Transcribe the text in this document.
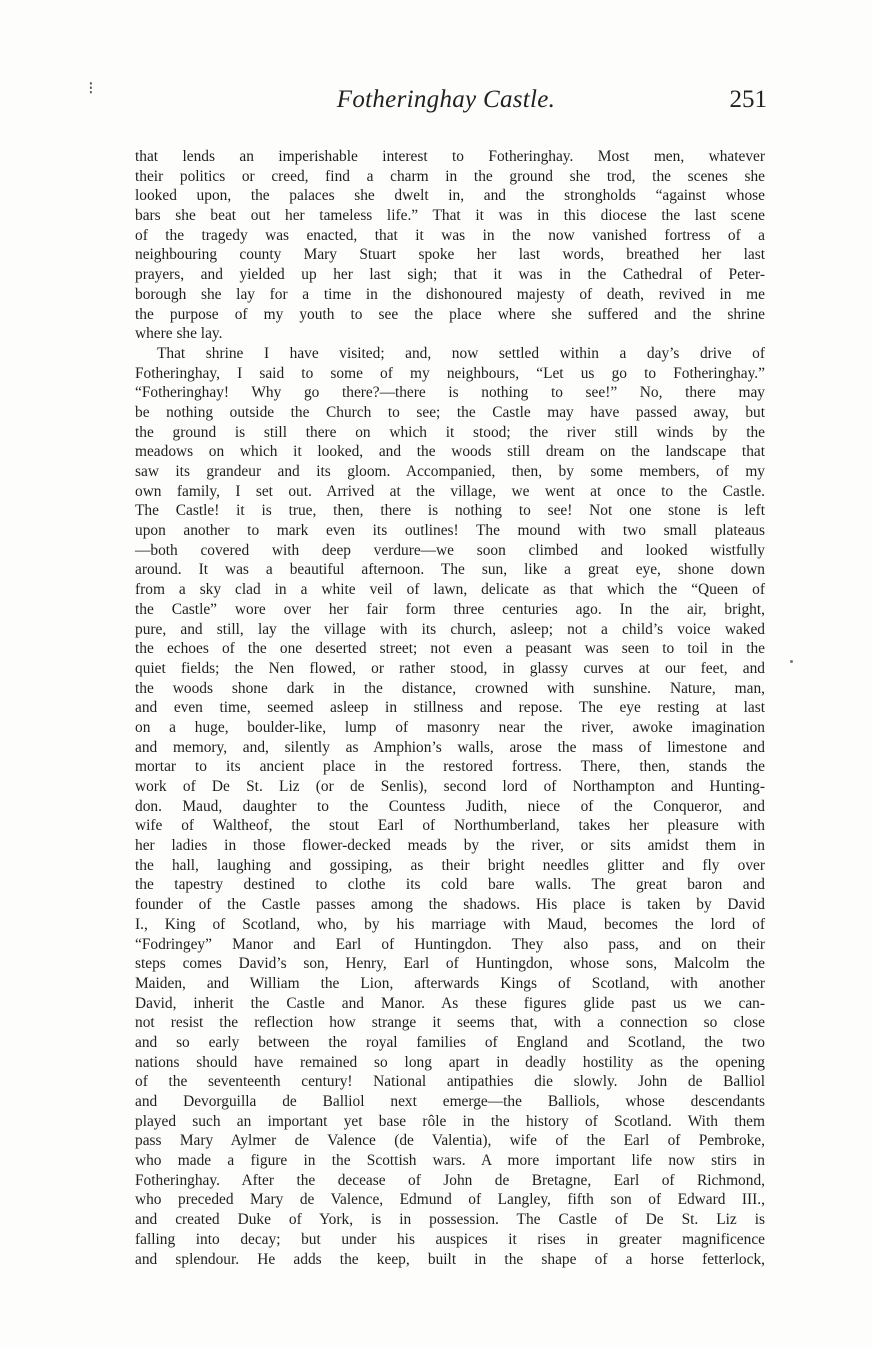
⁝	Fotheringhay Castle.	251
that lends an imperishable interest to Fotheringhay. Most men, whatever
their politics or creed, find a charm in the ground she trod, the scenes she
looked upon, the palaces she dwelt in, and the strongholds “against whose
bars she beat out her tameless life.” That it was in this diocese the last scene
of the tragedy was enacted, that it was in the now vanished fortress of a
neighbouring county Mary Stuart spoke her last words, breathed her last
prayers, and yielded up her last sigh; that it was in the Cathedral of Peter-
borough she lay for a time in the dishonoured majesty of death, revived in me
the purpose of my youth to see the place where she suffered and the shrine
where she lay.
That shrine I have visited; and, now settled within a day’s drive of
Fotheringhay, I said to some of my neighbours, “Let us go to Fotheringhay.”
“Fotheringhay! Why go there?—there is nothing to see!” No, there may
be nothing outside the Church to see; the Castle may have passed away, but
the ground is still there on which it stood; the river still winds by the
meadows on which it looked, and the woods still dream on the landscape that
saw its grandeur and its gloom. Accompanied, then, by some members, of my
own family, I set out. Arrived at the village, we went at once to the Castle.
The Castle! it is true, then, there is nothing to see! Not one stone is left
upon another to mark even its outlines! The mound with two small plateaus
—both covered with deep verdure—we soon climbed and looked wistfully
around. It was a beautiful afternoon. The sun, like a great eye, shone down
from a sky clad in a white veil of lawn, delicate as that which the “Queen of
the Castle” wore over her fair form three centuries ago. In the air, bright,
pure, and still, lay the village with its church, asleep; not a child’s voice waked
the echoes of the one deserted street; not even a peasant was seen to toil in the
quiet fields; the Nen flowed, or rather stood, in glassy curves at our feet, and
the woods shone dark in the distance, crowned with sunshine. Nature, man,
and even time, seemed asleep in stillness and repose. The eye resting at last
on a huge, boulder-like, lump of masonry near the river, awoke imagination
and memory, and, silently as Amphion’s walls, arose the mass of limestone and
mortar to its ancient place in the restored fortress. There, then, stands the
work of De St. Liz (or de Senlis), second lord of Northampton and Hunting-
don. Maud, daughter to the Countess Judith, niece of the Conqueror, and
wife of Waltheof, the stout Earl of Northumberland, takes her pleasure with
her ladies in those flower-decked meads by the river, or sits amidst them in
the hall, laughing and gossiping, as their bright needles glitter and fly over
the tapestry destined to clothe its cold bare walls. The great baron and
founder of the Castle passes among the shadows. His place is taken by David
I., King of Scotland, who, by his marriage with Maud, becomes the lord of
“Fodringey” Manor and Earl of Huntingdon. They also pass, and on their
steps comes David’s son, Henry, Earl of Huntingdon, whose sons, Malcolm the
Maiden, and William the Lion, afterwards Kings of Scotland, with another
David, inherit the Castle and Manor. As these figures glide past us we can-
not resist the reflection how strange it seems that, with a connection so close
and so early between the royal families of England and Scotland, the two
nations should have remained so long apart in deadly hostility as the opening
of the seventeenth century! National antipathies die slowly. John de Balliol
and Devorguilla de Balliol next emerge—the Balliols, whose descendants
played such an important yet base rôle in the history of Scotland. With them
pass Mary Aylmer de Valence (de Valentia), wife of the Earl of Pembroke,
who made a figure in the Scottish wars. A more important life now stirs in
Fotheringhay. After the decease of John de Bretagne, Earl of Richmond,
who preceded Mary de Valence, Edmund of Langley, fifth son of Edward III.,
and created Duke of York, is in possession. The Castle of De St. Liz is
falling into decay; but under his auspices it rises in greater magnificence
and splendour. He adds the keep, built in the shape of a horse fetterlock,
